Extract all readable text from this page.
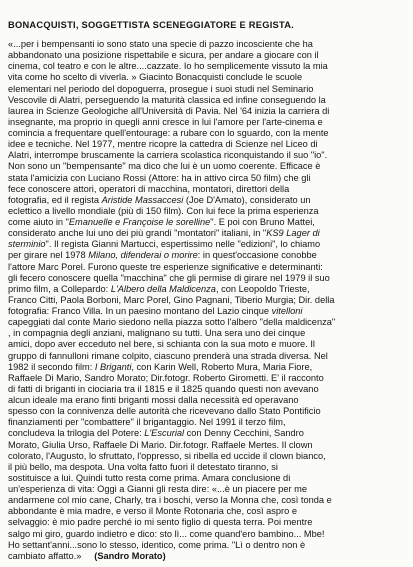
BONACQUISTI, SOGGETTISTA SCENEGGIATORE E REGISTA.
«...per i bempensanti io sono stato una specie di pazzo incosciente che ha
abbandonato una posizione rispettabile e sicura, per andare a giocare con il
cinema, col teatro e con le altre....cazzate. Io ho semplicemente vissuto la mia
vita come ho scelto di viverla. » Giacinto Bonacquisti conclude le scuole
elementari nel periodo del dopoguerra, prosegue i suoi studi nel Seminario
Vescovile di Alatri, perseguendo la maturità classica ed infine conseguendo la
laurea in Scienze Geologiche all'Università di Pavia. Nel '64 inizia la carriera di
insegnante, ma proprio in quegli anni cresce in lui l'amore per l'arte-cinema e
comincia a frequentare quell'entourage: a rubare con lo sguardo, con la mente
idee e tecniche. Nel 1977, mentre ricopre la cattedra di Scienze nel Liceo di
Alatri, interrompe bruscamente la carriera scolastica riconquistando il suo "io".
Non sono un "bempensante" ma dico che lui è un uomo coerente. Efficace è
stata l'amicizia con Luciano Rossi (Attore: ha in attivo circa 50 film) che gli
fece conoscere attori, operatori di macchina, montatori, direttori della
fotografia, ed il regista Aristide Massaccesi (Joe D'Amato), considerato un
eclettico a livello mondiale (più di 150 film). Con lui fece la prima esperienza
come aiuto in "Emanuelle e Françoise le sorelline". E poi con Bruno Mattei,
considerato anche lui uno dei più grandi "montatori" italiani, in "KS9 Lager di
sterminio". Il regista Gianni Martucci, espertissimo nelle "edizioni", lo chiamo
per girare nel 1978 Milano, difenderai o morire: in quest'occasione conobbe
l'attore Marc Porel. Furono queste tre esperienze significative e determinanti:
gli fecero conoscere quella "macchina" che gli permise di girare nel 1979 il suo
primo film, a Collepardo: L'Albero della Maldicenza, con Leopoldo Trieste,
Franco Citti, Paola Borboni, Marc Porel, Gino Pagnani, Tiberio Murgia; Dir. della
fotografia: Franco Villa. In un paesino montano del Lazio cinque vitelloni
capeggiati dal conte Mario siedono nella piazza sotto l'albero "della maldicenza"
, in compagnia degli anziani, malignano su tutti. Una sera uno dei cinque
amici, dopo aver ecceduto nel bere, si schianta con la sua moto e muore. Il
gruppo di fannulloni rimane colpito, ciascuno prenderà una strada diversa. Nel
1982 il secondo film: I Briganti, con Karin Well, Roberto Mura, Maria Fiore,
Raffaele Di Mario, Sandro Morato; Dir.fotogr. Roberto Girometti. E' il racconto
di fatti di briganti in ciociaria tra il 1815 e il 1825 quando questi non avevano
alcun ideale ma erano finti briganti mossi dalla necessità ed operavano
spesso con la connivenza delle autorità che ricevevano dallo Stato Pontificio
finanziamenti per "combattere" il brigantaggio. Nel 1991 il terzo film,
concludeva la trilogia del Potere: L'Escurial con Denny Cecchini, Sandro
Morato, Giulia Urso, Raffaele Di Mario. Dir.fotogr. Raffaele Mertes. Il clown
colorato, l'Augusto, lo sfruttato, l'oppresso, si ribella ed uccide il clown bianco,
il più bello, ma despota. Una volta fatto fuori il detestato tiranno, si
sostituisce a lui. Quindi tutto resta come prima. Amara conclusione di
un'esperienza di vita: Oggi a Gianni gli resta dire: «...è un piacere per me
andarmene col mio cane, Charly, tra i boschi, verso la Monna che, così tonda e
abbondante è mia madre, e verso il Monte Rotonaria che, così aspro e
selvaggio: è mio padre perché io mi sento figlio di questa terra. Poi mentre
salgo mi giro, guardo indietro e dico: sto lì... come quand'ero bambino... Mbe!
Ho settant'anni...sono lo stesso, identico, come prima. "Lì o dentro non è
cambiato affatto.» (Sandro Morato)
